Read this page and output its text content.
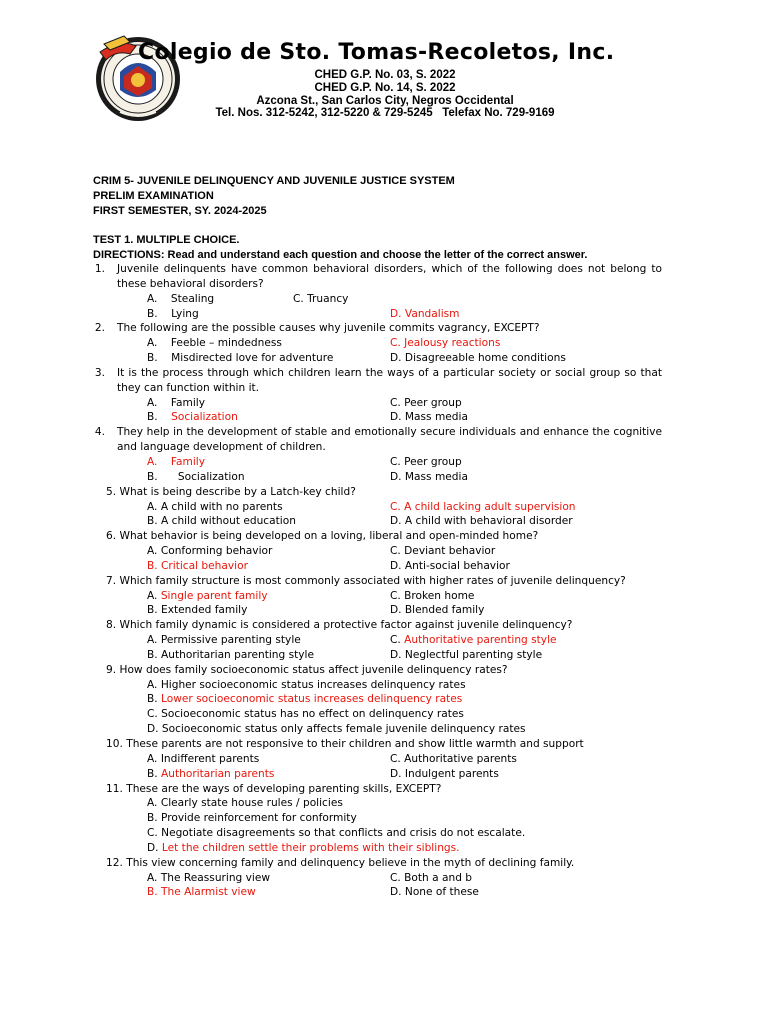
Colegio de Sto. Tomas-Recoletos, Inc.
CHED G.P. No. 03, S. 2022
CHED G.P. No. 14, S. 2022
Azcona St., San Carlos City, Negros Occidental
Tel. Nos. 312-5242, 312-5220 & 729-5245   Telefax No. 729-9169
CRIM 5- JUVENILE DELINQUENCY AND JUVENILE JUSTICE SYSTEM
PRELIM EXAMINATION
FIRST SEMESTER, SY. 2024-2025
TEST 1. MULTIPLE CHOICE.
DIRECTIONS: Read and understand each question and choose the letter of the correct answer.
1.	Juvenile delinquents have common behavioral disorders, which of the following does not belong to these behavioral disorders?
A. Stealing	C. Truancy
B. Lying	D. Vandalism
2.	The following are the possible causes why juvenile commits vagrancy, EXCEPT?
A. Feeble – mindedness	C. Jealousy reactions
B. Misdirected love for adventure	D. Disagreeable home conditions
3.	It is the process through which children learn the ways of a particular society or social group so that they can function within it.
A. Family	C. Peer group
B. Socialization	D. Mass media
4.	They help in the development of stable and emotionally secure individuals and enhance the cognitive and language development of children.
A. Family	C. Peer group
B. Socialization	D. Mass media
5.
What is being describe by a Latch-key child?
A. A child with no parents	C. A child lacking adult supervision
B. A child without education	D. A child with behavioral disorder
6.
What behavior is being developed on a loving, liberal and open-minded home?
A. Conforming behavior	C. Deviant behavior
B. Critical behavior	D. Anti-social behavior
7.
Which family structure is most commonly associated with higher rates of juvenile delinquency?
A. Single parent family	C. Broken home
B. Extended family	D. Blended family
8.
Which family dynamic is considered a protective factor against juvenile delinquency?
A. Permissive parenting style	C. Authoritative parenting style
B. Authoritarian parenting style	D. Neglectful parenting style
9.
How does family socioeconomic status affect juvenile delinquency rates?
A. Higher socioeconomic status increases delinquency rates
B. Lower socioeconomic status increases delinquency rates
C. Socioeconomic status has no effect on delinquency rates
D. Socioeconomic status only affects female juvenile delinquency rates
10.
These parents are not responsive to their children and show little warmth and support
A. Indifferent parents	C. Authoritative parents
B. Authoritarian parents	D. Indulgent parents
11.
These are the ways of developing parenting skills, EXCEPT?
A. Clearly state house rules / policies
B. Provide reinforcement for conformity
C. Negotiate disagreements so that conflicts and crisis do not escalate.
D. Let the children settle their problems with their siblings.
12.
This view concerning family and delinquency believe in the myth of declining family.
A. The Reassuring view	C. Both a and b
B. The Alarmist view	D. None of these
